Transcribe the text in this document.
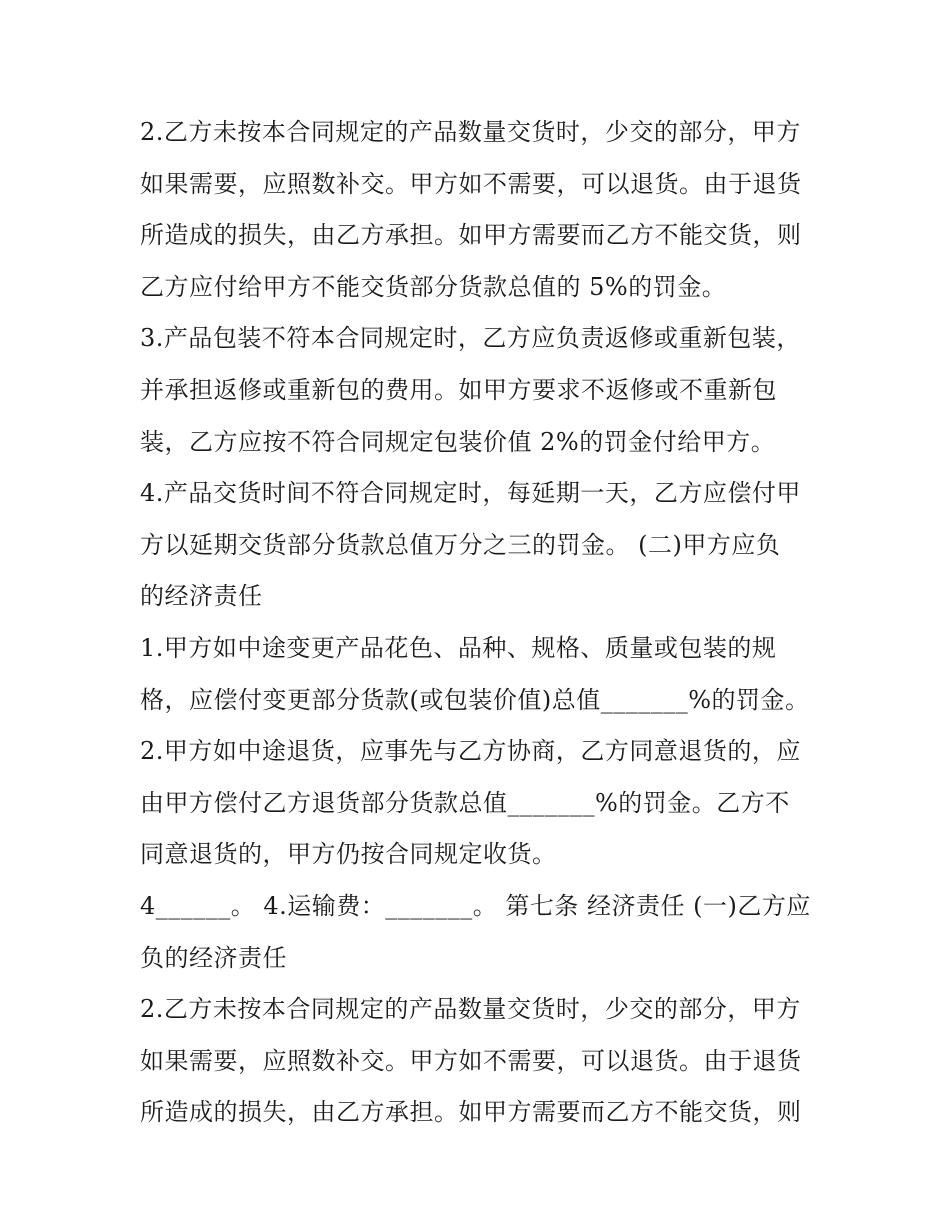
2.乙方未按本合同规定的产品数量交货时，少交的部分，甲方
如果需要，应照数补交。甲方如不需要，可以退货。由于退货
所造成的损失，由乙方承担。如甲方需要而乙方不能交货，则
乙方应付给甲方不能交货部分货款总值的 5%的罚金。
3.产品包装不符本合同规定时，乙方应负责返修或重新包装，
并承担返修或重新包的费用。如甲方要求不返修或不重新包
装，乙方应按不符合同规定包装价值 2%的罚金付给甲方。
4.产品交货时间不符合同规定时，每延期一天，乙方应偿付甲
方以延期交货部分货款总值万分之三的罚金。 (二)甲方应负
的经济责任
1.甲方如中途变更产品花色、品种、规格、质量或包装的规
格，应偿付变更部分货款(或包装价值)总值_______%的罚金。
2.甲方如中途退货，应事先与乙方协商，乙方同意退货的，应
由甲方偿付乙方退货部分货款总值_______%的罚金。乙方不
同意退货的，甲方仍按合同规定收货。
4______。 4.运输费：_______。 第七条 经济责任 (一)乙方应
负的经济责任
2.乙方未按本合同规定的产品数量交货时，少交的部分，甲方
如果需要，应照数补交。甲方如不需要，可以退货。由于退货
所造成的损失，由乙方承担。如甲方需要而乙方不能交货，则
